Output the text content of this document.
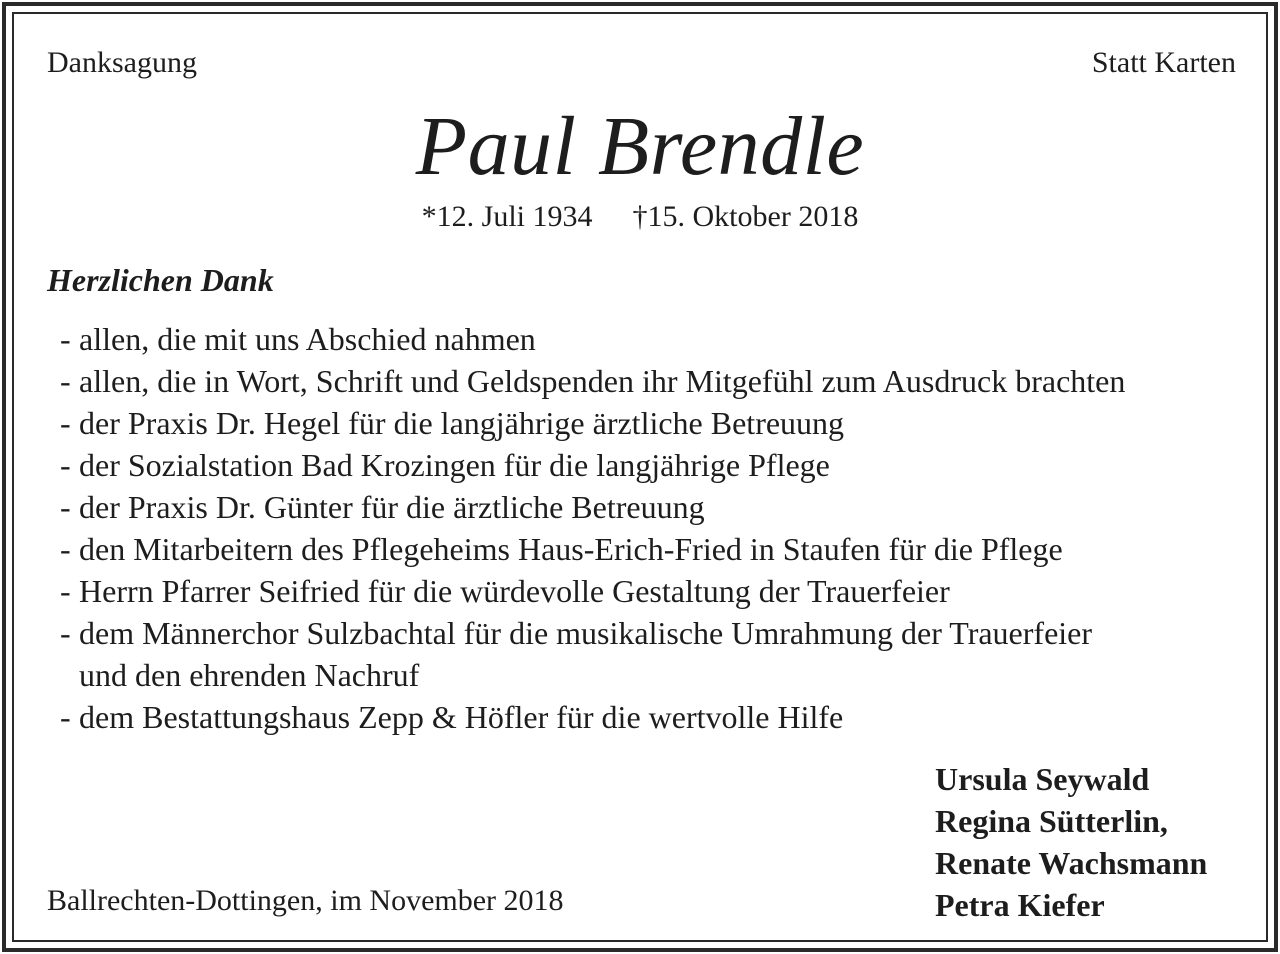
Danksagung	Statt Karten
Paul Brendle
*12. Juli 1934 †15. Oktober 2018
Herzlichen Dank
- allen, die mit uns Abschied nahmen
- allen, die in Wort, Schrift und Geldspenden ihr Mitgefühl zum Ausdruck brachten
- der Praxis Dr. Hegel für die langjährige ärztliche Betreuung
- der Sozialstation Bad Krozingen für die langjährige Pflege
- der Praxis Dr. Günter für die ärztliche Betreuung
- den Mitarbeitern des Pflegeheims Haus-Erich-Fried in Staufen für die Pflege
- Herrn Pfarrer Seifried für die würdevolle Gestaltung der Trauerfeier
- dem Männerchor Sulzbachtal für die musikalische Umrahmung der Trauerfeier
und den ehrenden Nachruf
- dem Bestattungshaus Zepp & Höfler für die wertvolle Hilfe
Ursula Seywald
Regina Sütterlin,
Renate Wachsmann
Petra Kiefer
Ballrechten-Dottingen, im November 2018
